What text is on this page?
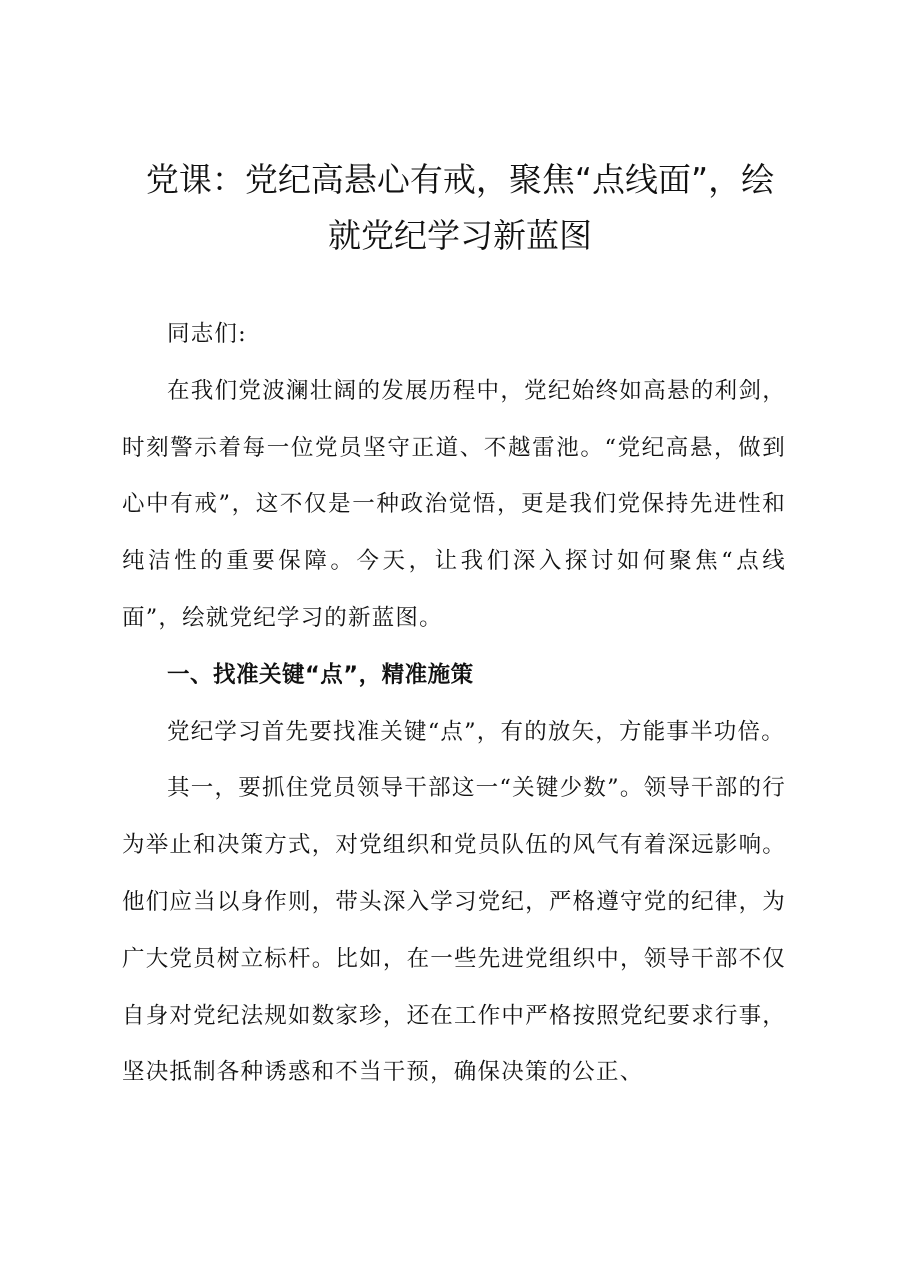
党课：党纪高悬心有戒，聚焦“点线面”，绘
就党纪学习新蓝图

同志们:

在我们党波澜壮阔的发展历程中，党纪始终如高悬的利剑，时刻警示着每一位党员坚守正道、不越雷池。“党纪高悬，做到心中有戒”，这不仅是一种政治觉悟，更是我们党保持先进性和纯洁性的重要保障。今天，让我们深入探讨如何聚焦“点线面”，绘就党纪学习的新蓝图。

一、找准关键“点”，精准施策

党纪学习首先要找准关键“点”，有的放矢，方能事半功倍。

其一，要抓住党员领导干部这一“关键少数”。领导干部的行为举止和决策方式，对党组织和党员队伍的风气有着深远影响。他们应当以身作则，带头深入学习党纪，严格遵守党的纪律，为广大党员树立标杆。比如，在一些先进党组织中，领导干部不仅自身对党纪法规如数家珍，还在工作中严格按照党纪要求行事，坚决抵制各种诱惑和不当干预，确保决策的公正、
